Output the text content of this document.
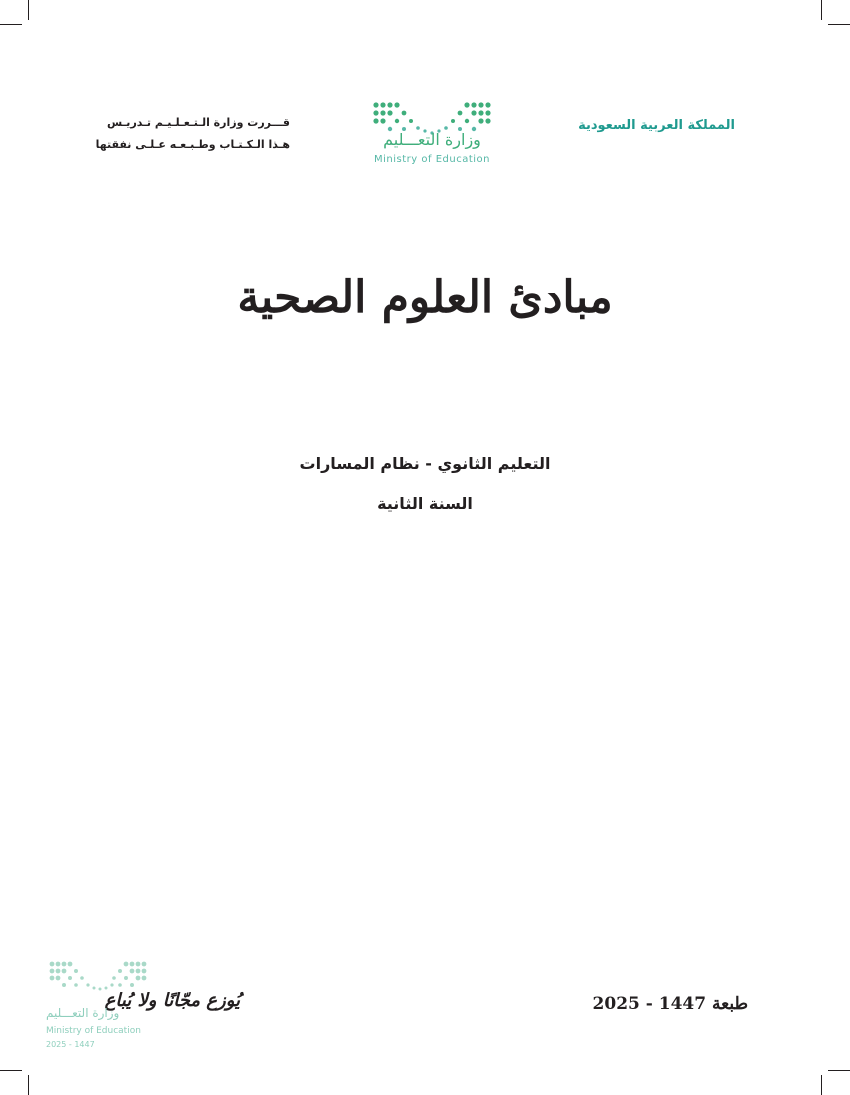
المملكة العربية السعودية
قـــررت وزارة الـتـعـلـيـم تـدريـس
هـذا الـكـتـاب وطـبـعـه عـلـى نفقتها	وزارة التعـــليم
Ministry of Education
مبادئ العلوم الصحية
التعليم الثانوي - نظام المسارات
السنة الثانية
طبعة 1447 - 2025
يُوزع مجّانًا ولا يُباع
وزارة التعـــليم
Ministry of Education
2025 - 1447
